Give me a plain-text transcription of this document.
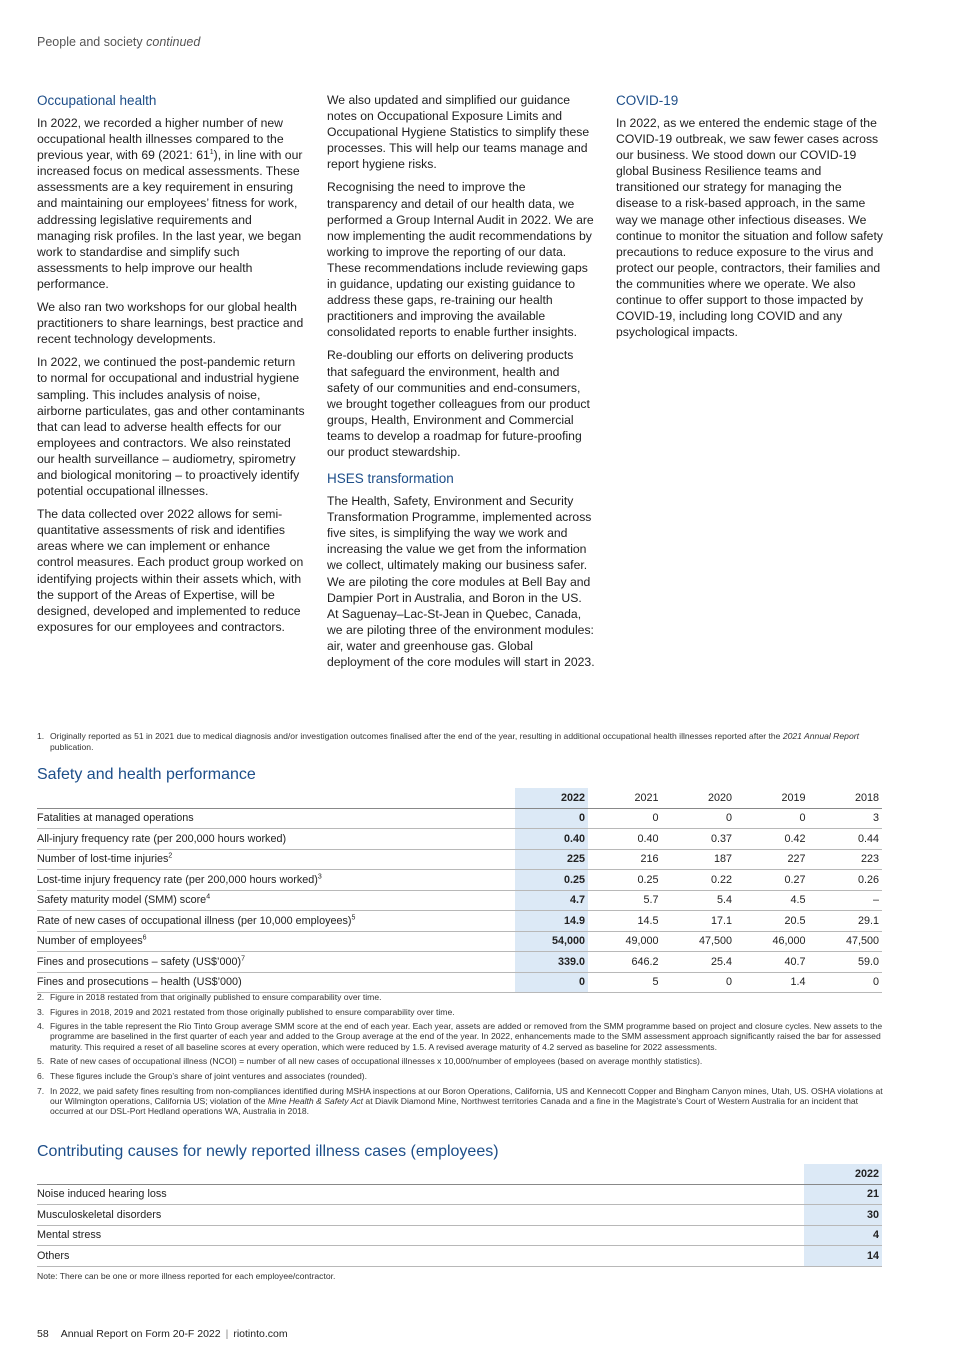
People and society continued
Occupational health

In 2022, we recorded a higher number of new occupational health illnesses compared to the previous year, with 69 (2021: $61^1$), in line with our increased focus on medical assessments. These assessments are a key requirement in ensuring and maintaining our employees’ fitness for work, addressing legislative requirements and managing risk profiles. In the last year, we began work to standardise and simplify such assessments to help improve our health performance.

We also ran two workshops for our global health practitioners to share learnings, best practice and recent technology developments.

In 2022, we continued the post-pandemic return to normal for occupational and industrial hygiene sampling. This includes analysis of noise, airborne particulates, gas and other contaminants that can lead to adverse health effects for our employees and contractors. We also reinstated our health surveillance – audiometry, spirometry and biological monitoring – to proactively identify potential occupational illnesses.

The data collected over 2022 allows for semi-quantitative assessments of risk and identifies areas where we can implement or enhance control measures. Each product group worked on identifying projects within their assets which, with the support of the Areas of Expertise, will be designed, developed and implemented to reduce exposures for our employees and contractors.

We also updated and simplified our guidance notes on Occupational Exposure Limits and Occupational Hygiene Statistics to simplify these processes. This will help our teams manage and report hygiene risks.

Recognising the need to improve the transparency and detail of our health data, we performed a Group Internal Audit in 2022. We are now implementing the audit recommendations by working to improve the reporting of our data. These recommendations include reviewing gaps in guidance, updating our existing guidance to address these gaps, re-training our health practitioners and improving the available consolidated reports to enable further insights.

Re-doubling our efforts on delivering products that safeguard the environment, health and safety of our communities and end-consumers, we brought together colleagues from our product groups, Health, Environment and Commercial teams to develop a roadmap for future-proofing our product stewardship.

HSES transformation

The Health, Safety, Environment and Security Transformation Programme, implemented across five sites, is simplifying the way we work and increasing the value we get from the information we collect, ultimately making our business safer. We are piloting the core modules at Bell Bay and Dampier Port in Australia, and Boron in the US. At Saguenay–Lac-St-Jean in Quebec, Canada, we are piloting three of the environment modules: air, water and greenhouse gas. Global deployment of the core modules will start in 2023.

COVID-19

In 2022, as we entered the endemic stage of the COVID-19 outbreak, we saw fewer cases across our business. We stood down our COVID-19 global Business Resilience teams and transitioned our strategy for managing the disease to a risk-based approach, in the same way we manage other infectious diseases. We continue to monitor the situation and follow safety precautions to reduce exposure to the virus and protect our people, contractors, their families and the communities where we operate. We also continue to offer support to those impacted by COVID-19, including long COVID and any psychological impacts.

1. Originally reported as 51 in 2021 due to medical diagnosis and/or investigation outcomes finalised after the end of the year, resulting in additional occupational health illnesses reported after the 2021 Annual Report publication.
Safety and health performance
	2022	2021	2020	2019	2018
Fatalities at managed operations	0	0	0	0	3
All-injury frequency rate (per 200,000 hours worked)	0.40	0.40	0.37	0.42	0.44
Number of lost-time injuries$^2$	225	216	187	227	223
Lost-time injury frequency rate (per 200,000 hours worked)$^3$	0.25	0.25	0.22	0.27	0.26
Safety maturity model (SMM) score$^4$	4.7	5.7	5.4	4.5	–
Rate of new cases of occupational illness (per 10,000 employees)$^5$	14.9	14.5	17.1	20.5	29.1
Number of employees$^6$	54,000	49,000	47,500	46,000	47,500
Fines and prosecutions – safety (US$’000)$^7$	339.0	646.2	25.4	40.7	59.0
Fines and prosecutions – health (US$’000)	0	5	0	1.4	0
2. Figure in 2018 restated from that originally published to ensure comparability over time.
3. Figures in 2018, 2019 and 2021 restated from those originally published to ensure comparability over time.
4. Figures in the table represent the Rio Tinto Group average SMM score at the end of each year. Each year, assets are added or removed from the SMM programme based on project and closure cycles. New assets to the programme are baselined in the first quarter of each year and added to the Group average at the end of the year. In 2022, enhancements made to the SMM assessment approach significantly raised the bar for assessed maturity. This required a reset of all baseline scores at every operation, which were reduced by 1.5. A revised average maturity of 4.2 served as baseline for 2022 assessments.
5. Rate of new cases of occupational illness (NCOI) = number of all new cases of occupational illnesses x 10,000/number of employees (based on average monthly statistics).
6. These figures include the Group’s share of joint ventures and associates (rounded).
7. In 2022, we paid safety fines resulting from non-compliances identified during MSHA inspections at our Boron Operations, California, US and Kennecott Copper and Bingham Canyon mines, Utah, US. OSHA violations at our Wilmington operations, California US; violation of the Mine Health & Safety Act at Diavik Diamond Mine, Northwest territories Canada and a fine in the Magistrate’s Court of Western Australia for an incident that occurred at our DSL-Port Hedland operations WA, Australia in 2018.
Contributing causes for newly reported illness cases (employees)
	2022
Noise induced hearing loss	21
Musculoskeletal disorders	30
Mental stress	4
Others	14
Note: There can be one or more illness reported for each employee/contractor.
58 Annual Report on Form 20-F 2022 | riotinto.com
